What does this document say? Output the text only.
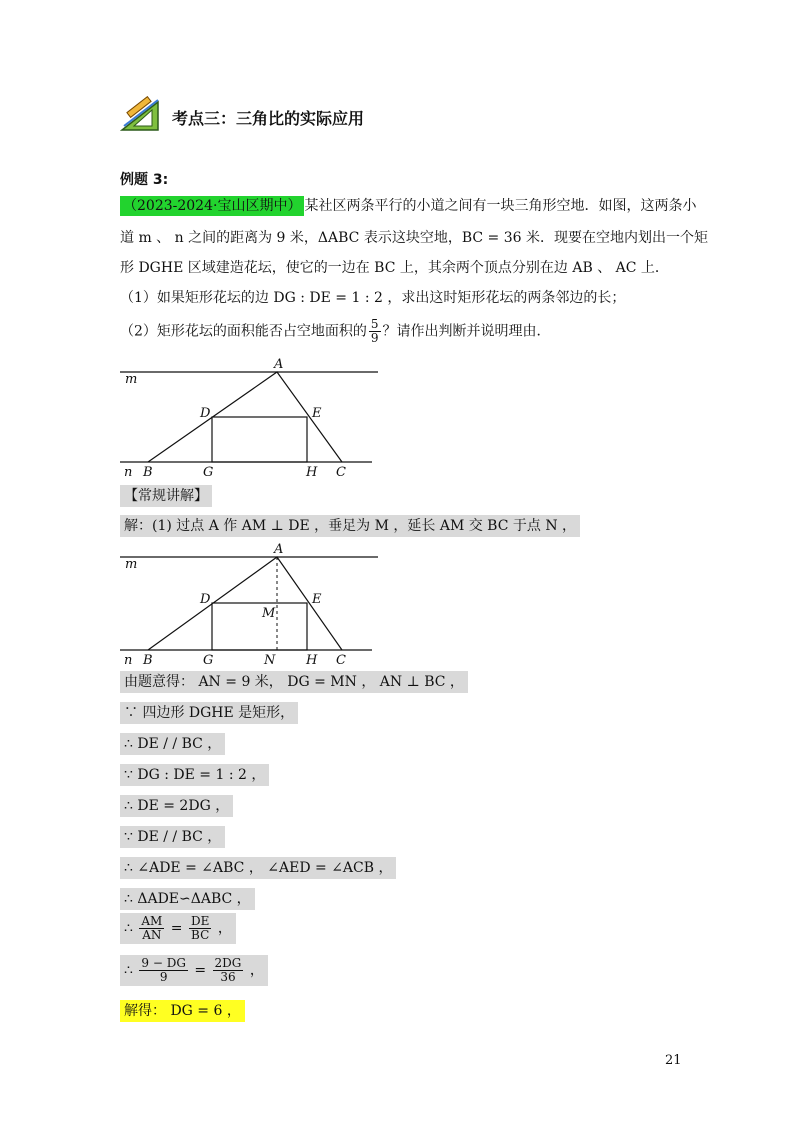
考点三：三角比的实际应用
例题 3:
（2023-2024·宝山区期中） 某社区两条平行的小道之间有一块三角形空地．如图，这两条小
道 m 、 n 之间的距离为 9 米，ΔABC 表示这块空地，BC = 36 米．现要在空地内划出一个矩
形 DGHE 区域建造花坛，使它的一边在 BC 上，其余两个顶点分别在边 AB 、 AC 上．
（1）如果矩形花坛的边 DG : DE = 1 : 2 ，求出这时矩形花坛的两条邻边的长；
（2）矩形花坛的面积能否占空地面积的 $\frac{5}{9}$ ？请作出判断并说明理由．
A
D	E
m
n B	G	H C
【常规讲解】
解：(1) 过点 A 作 AM ⊥ DE ，垂足为 M ，延长 AM 交 BC 于点 N ，
A
D	E
M
m
n B	G	N H C
由题意得： AN = 9 米， DG = MN ， AN ⊥ BC ，
∵ 四边形 DGHE 是矩形，
∴ DE / / BC ，
∵ DG : DE = 1 : 2 ，
∴ DE = 2DG ，
∵ DE / / BC ，
∴ ∠ADE = ∠ABC ， ∠AED = ∠ACB ，
∴ ΔADE∽ΔABC ，
∴ $\frac{AM}{AN} = \frac{DE}{BC}$ ，
∴ $\frac{9 - DG}{9} = \frac{2DG}{36}$ ，
解得： DG = 6 ，
21
